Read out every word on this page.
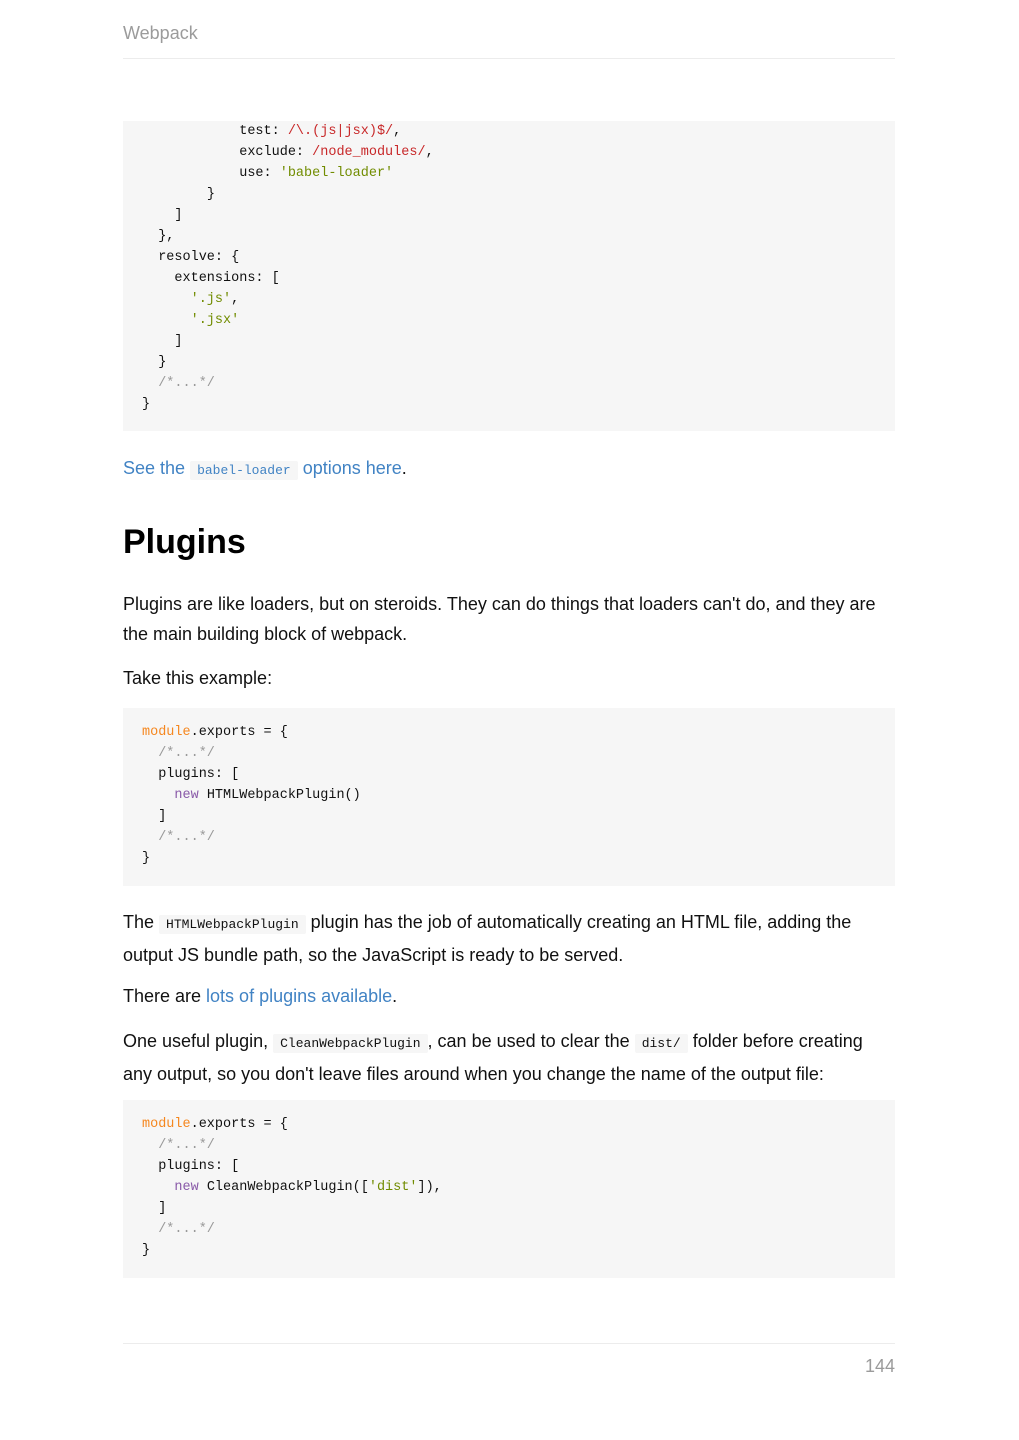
Webpack
test: /\.(js|jsx)$/,
exclude: /node_modules/,
use: 'babel-loader'
}
]
},
resolve: {
extensions: [
'.js',
'.jsx'
]
}
/*...*/
}

See the babel-loader options here.

Plugins

Plugins are like loaders, but on steroids. They can do things that loaders can't do, and they are the main building block of webpack.

Take this example:

module.exports = {
/*...*/
plugins: [
new HTMLWebpackPlugin()
]
/*...*/
}

The HTMLWebpackPlugin plugin has the job of automatically creating an HTML file, adding the output JS bundle path, so the JavaScript is ready to be served.

There are lots of plugins available.

One useful plugin, CleanWebpackPlugin , can be used to clear the dist/ folder before creating any output, so you don't leave files around when you change the name of the output file:

module.exports = {
/*...*/
plugins: [
new CleanWebpackPlugin(['dist']),
]
/*...*/
}
144
